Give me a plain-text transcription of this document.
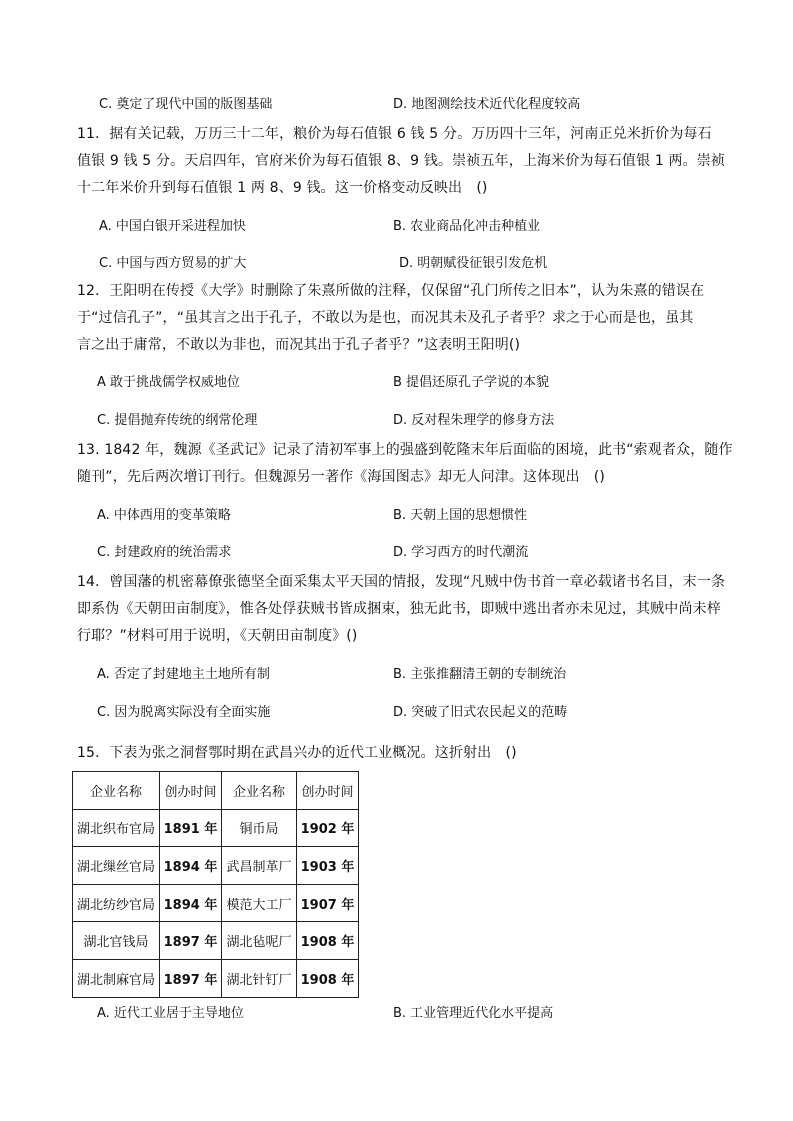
C. 奠定了现代中国的版图基础	D. 地图测绘技术近代化程度较高
11．据有关记载，万历三十二年，粮价为每石值银 6 钱 5 分。万历四十三年，河南正兑米折价为每石
值银 9 钱 5 分。天启四年，官府米价为每石值银 8、9 钱。崇祯五年，上海米价为每石值银 1 两。崇祯
十二年米价升到每石值银 1 两 8、9 钱。这一价格变动反映出　()
A. 中国白银开采进程加快	B. 农业商品化冲击种植业
C. 中国与西方贸易的扩大	D. 明朝赋役征银引发危机
12．王阳明在传授《大学》时删除了朱熹所做的注释，仅保留“孔门所传之旧本”，认为朱熹的错误在
于“过信孔子”，“虽其言之出于孔子，不敢以为是也，而况其未及孔子者乎？求之于心而是也，虽其
言之出于庸常，不敢以为非也，而况其出于孔子者乎？”这表明王阳明()
A 敢于挑战儒学权威地位	B 提倡还原孔子学说的本貌
C. 提倡抛弃传统的纲常伦理	D. 反对程朱理学的修身方法
13. 1842 年，魏源《圣武记》记录了清初军事上的强盛到乾隆末年后面临的困境，此书“索观者众，随作
随刊”，先后两次增订刊行。但魏源另一著作《海国图志》却无人问津。这体现出　()
A. 中体西用的变革策略	B. 天朝上国的思想惯性
C. 封建政府的统治需求	D. 学习西方的时代潮流
14．曾国藩的机密幕僚张德坚全面采集太平天国的情报，发现“凡贼中伪书首一章必载诸书名目，末一条
即系伪《天朝田亩制度》，惟各处俘获贼书皆成捆束，独无此书，即贼中逃出者亦未见过，其贼中尚未梓
行耶？”材料可用于说明，《天朝田亩制度》()
A. 否定了封建地主土地所有制	B. 主张推翻清王朝的专制统治
C. 因为脱离实际没有全面实施	D. 突破了旧式农民起义的范畴
15．下表为张之洞督鄂时期在武昌兴办的近代工业概况。这折射出　()
企业名称	创办时间	企业名称	创办时间
湖北织布官局	1891 年	铜币局	1902 年
湖北缫丝官局	1894 年	武昌制革厂	1903 年
湖北纺纱官局	1894 年	模范大工厂	1907 年
湖北官钱局	1897 年	湖北毡呢厂	1908 年
湖北制麻官局	1897 年	湖北针钉厂	1908 年
A. 近代工业居于主导地位	B. 工业管理近代化水平提高
